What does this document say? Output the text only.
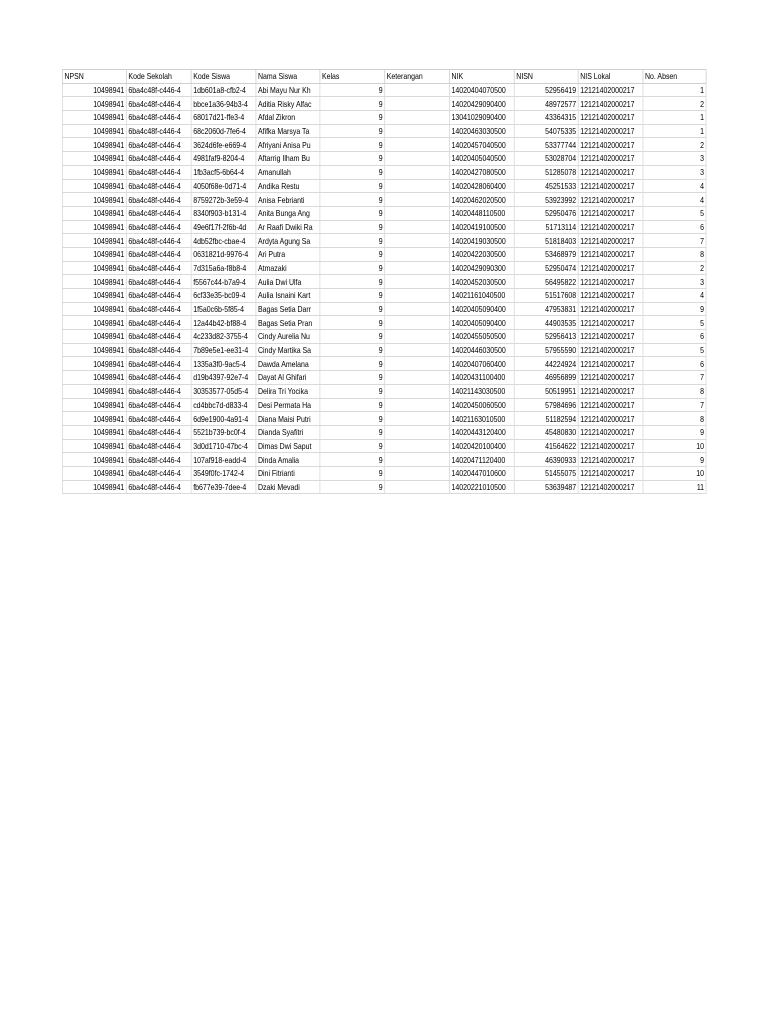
NPSN	Kode Sekolah	Kode Siswa	Nama Siswa	Kelas	Keterangan	NIK	NISN	NIS Lokal	No. Absen
10498941	6ba4c48f-c446-4	1db601a8-cfb2-4	Abi Mayu Nur Kh	9		14020404070500	52956419	12121402000217	1
10498941	6ba4c48f-c446-4	bbce1a36-94b3-4	Aditia Risky Alfac	9		14020429090400	48972577	12121402000217	2
10498941	6ba4c48f-c446-4	68017d21-ffe3-4	Afdal Zikron	9		13041029090400	43364315	12121402000217	1
10498941	6ba4c48f-c446-4	68c2060d-7fe6-4	Afifka Marsya Ta	9		14020463030500	54075335	12121402000217	1
10498941	6ba4c48f-c446-4	3624d6fe-e669-4	Afriyani Anisa Pu	9		14020457040500	53377744	12121402000217	2
10498941	6ba4c48f-c446-4	4981faf9-8204-4	Aftarrig Ilham Bu	9		14020405040500	53028704	12121402000217	3
10498941	6ba4c48f-c446-4	1fb3acf5-6b64-4	Amanullah	9		14020427080500	51285078	12121402000217	3
10498941	6ba4c48f-c446-4	4050f68e-0d71-4	Andika Restu	9		14020428060400	45251533	12121402000217	4
10498941	6ba4c48f-c446-4	8759272b-3e59-4	Anisa Febrianti	9		14020462020500	53923992	12121402000217	4
10498941	6ba4c48f-c446-4	8340f903-b131-4	Anita Bunga Ang	9		14020448110500	52950476	12121402000217	5
10498941	6ba4c48f-c446-4	49e6f17f-2f6b-4d	Ar Raafi Dwiki Ra	9		14020419100500	51713114	12121402000217	6
10498941	6ba4c48f-c446-4	4db52fbc-cbae-4	Ardyta Agung Sa	9		14020419030500	51818403	12121402000217	7
10498941	6ba4c48f-c446-4	0631821d-9976-4	Ari Putra	9		14020422030500	53468979	12121402000217	8
10498941	6ba4c48f-c446-4	7d315a6a-f8b8-4	Atmazaki	9		14020429090300	52950474	12121402000217	2
10498941	6ba4c48f-c446-4	f5567c44-b7a9-4	Aulia Dwi Ulfa	9		14020452030500	56495822	12121402000217	3
10498941	6ba4c48f-c446-4	6cf33e35-bc09-4	Aulia Isnaini Kart	9		14021161040500	51517608	12121402000217	4
10498941	6ba4c48f-c446-4	1f5a0c6b-5f85-4	Bagas Setia Darr	9		14020405090400	47953831	12121402000217	9
10498941	6ba4c48f-c446-4	12a44b42-bf88-4	Bagas Setia Pran	9		14020405090400	44903535	12121402000217	5
10498941	6ba4c48f-c446-4	4c233d82-3755-4	Cindy Aurelia Nu	9		14020455050500	52956413	12121402000217	6
10498941	6ba4c48f-c446-4	7b89e5e1-ee31-4	Cindy Martika Sa	9		14020446030500	57955590	12121402000217	5
10498941	6ba4c48f-c446-4	1335a3f0-9ac5-4	Dawda Amelana	9		14020407060400	44224924	12121402000217	6
10498941	6ba4c48f-c446-4	d19b4397-92e7-4	Dayat Al Ghifari	9		14020431100400	46956899	12121402000217	7
10498941	6ba4c48f-c446-4	30353577-05d5-4	Delira Tri Yocika	9		14021143030500	50519951	12121402000217	8
10498941	6ba4c48f-c446-4	cd4bbc7d-d833-4	Desi Permata Ha	9		14020450060500	57984696	12121402000217	7
10498941	6ba4c48f-c446-4	6d9e1900-4a91-4	Diana Maisi Putri	9		14021163010500	51182594	12121402000217	8
10498941	6ba4c48f-c446-4	5521b739-bc0f-4	Dianda Syafitri	9		14020443120400	45480830	12121402000217	9
10498941	6ba4c48f-c446-4	3d0d1710-47bc-4	Dimas Dwi Saput	9		14020420100400	41564622	12121402000217	10
10498941	6ba4c48f-c446-4	107af918-eadd-4	Dinda Amalia	9		14020471120400	46390933	12121402000217	9
10498941	6ba4c48f-c446-4	3549f0fc-1742-4	Dini Fitrianti	9		14020447010600	51455075	12121402000217	10
10498941	6ba4c48f-c446-4	fb677e39-7dee-4	Dzaki Mevadi	9		14020221010500	53639487	12121402000217	11
